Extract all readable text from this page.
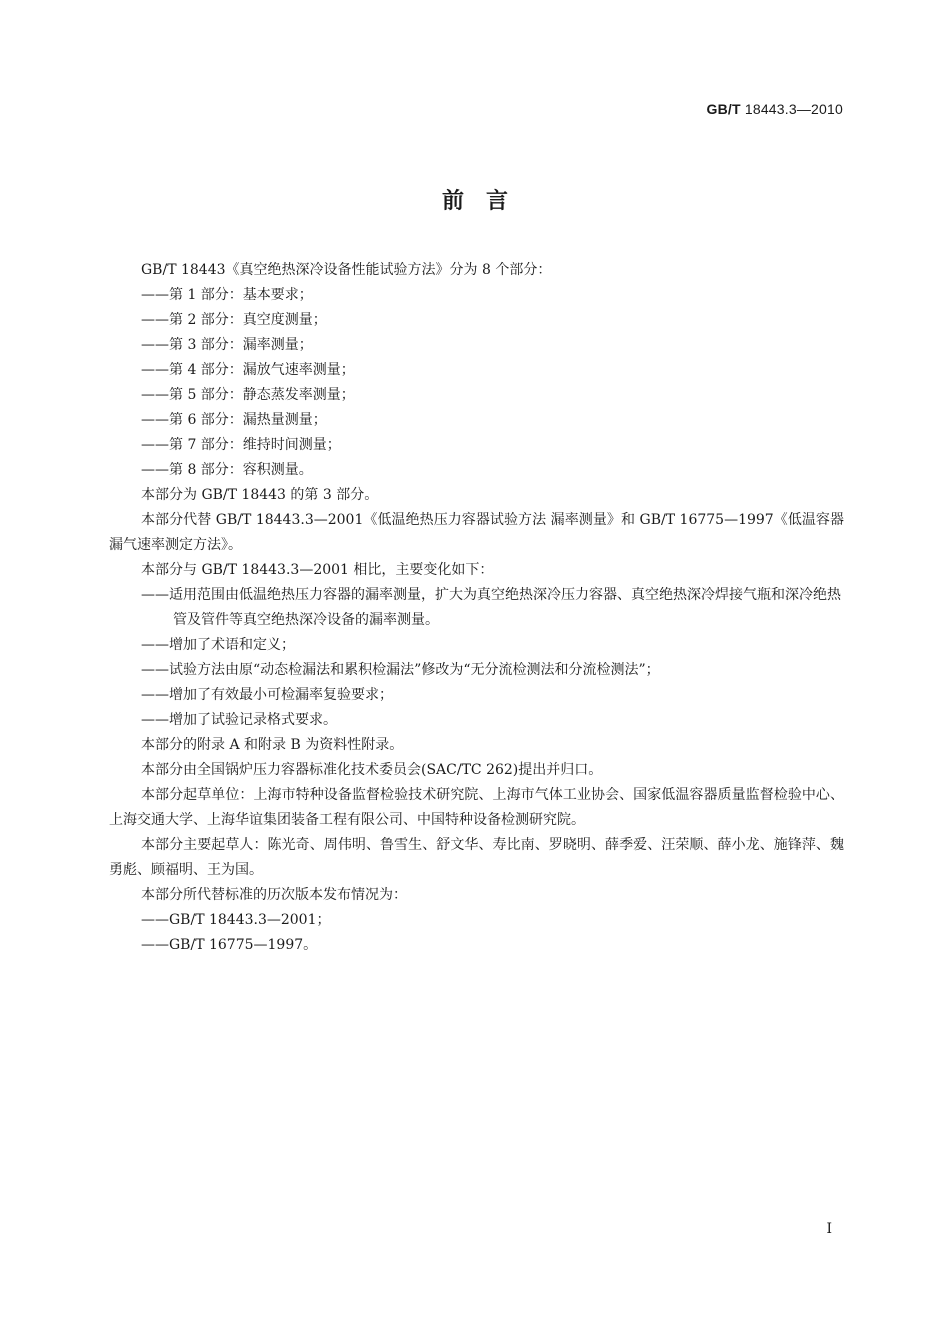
GB/T 18443.3—2010
前 言

GB/T 18443《真空绝热深冷设备性能试验方法》分为 8 个部分：

——第 1 部分：基本要求；

——第 2 部分：真空度测量；

——第 3 部分：漏率测量；

——第 4 部分：漏放气速率测量；

——第 5 部分：静态蒸发率测量；

——第 6 部分：漏热量测量；

——第 7 部分：维持时间测量；

——第 8 部分：容积测量。

本部分为 GB/T 18443 的第 3 部分。

本部分代替 GB/T 18443.3—2001《低温绝热压力容器试验方法 漏率测量》和 GB/T 16775—1997《低温容器漏气速率测定方法》。

本部分与 GB/T 18443.3—2001 相比，主要变化如下：

——适用范围由低温绝热压力容器的漏率测量，扩大为真空绝热深冷压力容器、真空绝热深冷焊接气瓶和深冷绝热管及管件等真空绝热深冷设备的漏率测量。

——增加了术语和定义；

——试验方法由原“动态检漏法和累积检漏法”修改为“无分流检测法和分流检测法”；

——增加了有效最小可检漏率复验要求；

——增加了试验记录格式要求。

本部分的附录 A 和附录 B 为资料性附录。

本部分由全国锅炉压力容器标准化技术委员会(SAC/TC 262)提出并归口。

本部分起草单位：上海市特种设备监督检验技术研究院、上海市气体工业协会、国家低温容器质量监督检验中心、上海交通大学、上海华谊集团装备工程有限公司、中国特种设备检测研究院。

本部分主要起草人：陈光奇、周伟明、鲁雪生、舒文华、寿比南、罗晓明、薛季爱、汪荣顺、薛小龙、施锋萍、魏勇彪、顾福明、王为国。

本部分所代替标准的历次版本发布情况为：

——GB/T 18443.3—2001；

——GB/T 16775—1997。

I
